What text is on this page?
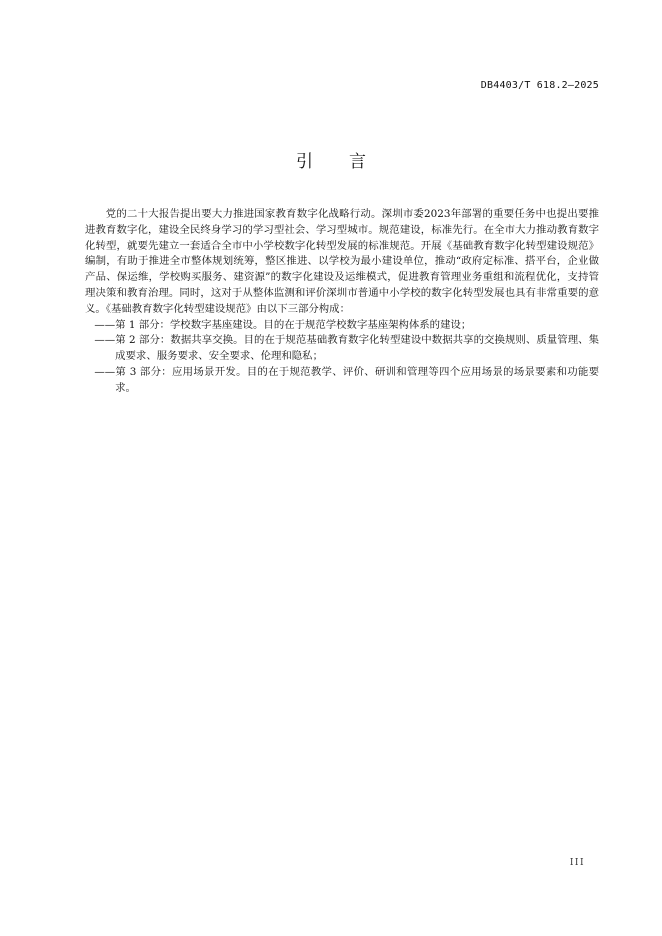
DB4403/T 618.2—2025
引言

党的二十大报告提出要大力推进国家教育数字化战略行动。深圳市委2023年部署的重要任务中也提出要推进教育数字化，建设全民终身学习的学习型社会、学习型城市。规范建设，标准先行。在全市大力推动教育数字化转型，就要先建立一套适合全市中小学校数字化转型发展的标准规范。开展《基础教育数字化转型建设规范》编制，有助于推进全市整体规划统筹，整区推进、以学校为最小建设单位，推动“政府定标准、搭平台，企业做产品、保运维，学校购买服务、建资源”的数字化建设及运维模式，促进教育管理业务重组和流程优化，支持管理决策和教育治理。同时，这对于从整体监测和评价深圳市普通中小学校的数字化转型发展也具有非常重要的意义。《基础教育数字化转型建设规范》由以下三部分构成：

——第 1 部分：学校数字基座建设。目的在于规范学校数字基座架构体系的建设；
——第 2 部分：数据共享交换。目的在于规范基础教育数字化转型建设中数据共享的交换规则、质量管理、集成要求、服务要求、安全要求、伦理和隐私；
——第 3 部分：应用场景开发。目的在于规范教学、评价、研训和管理等四个应用场景的场景要素和功能要求。
III
